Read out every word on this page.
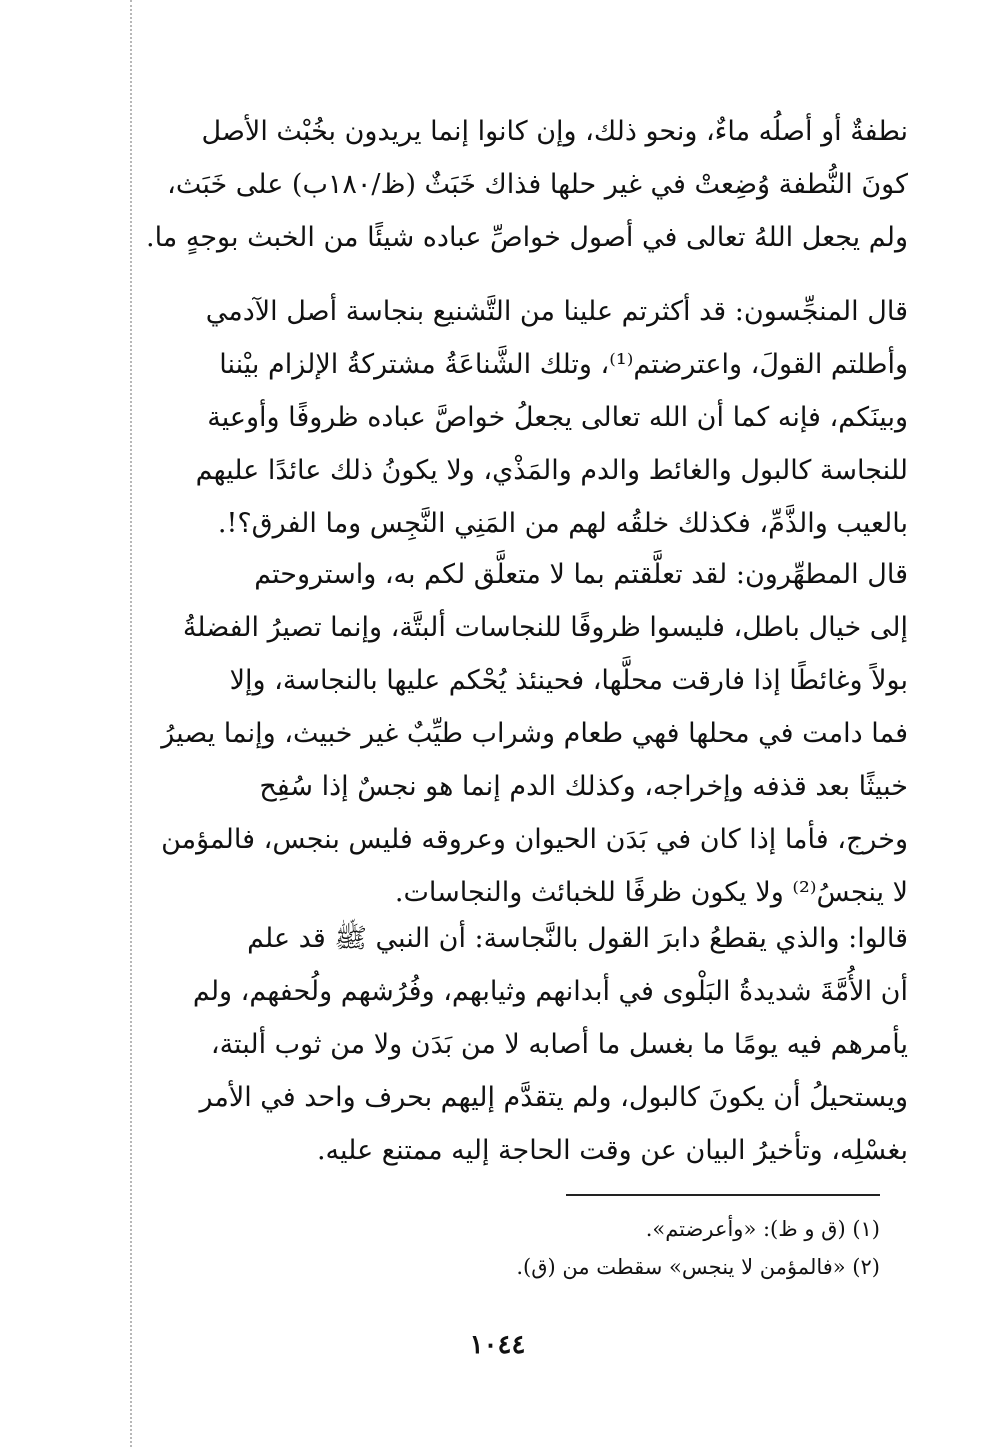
نطفةٌ أو أصلُه ماءٌ، ونحو ذلك، وإن كانوا إنما يريدون بخُبْث الأصل
كونَ النُّطفة وُضِعتْ في غير حلها فذاك خَبَثٌ (ظ/١٨٠ب) على خَبَث،
ولم يجعل اللهُ تعالى في أصول خواصِّ عباده شيئًا من الخبث بوجهٍ ما.

قال المنجِّسون: قد أكثرتم علينا من التَّشنيع بنجاسة أصل الآدمي
وأطلتم القولَ، واعترضتم⁽¹⁾، وتلك الشَّناعَةُ مشتركةُ الإلزام بيْننا
وبينَكم، فإنه كما أن الله تعالى يجعلُ خواصَّ عباده ظروفًا وأوعية
للنجاسة كالبول والغائط والدم والمَذْي، ولا يكونُ ذلك عائدًا عليهم
بالعيب والذَّمِّ، فكذلك خلقُه لهم من المَنِي النَّجِس وما الفرق؟!.

قال المطهِّرون: لقد تعلَّقتم بما لا متعلَّق لكم به، واستروحتم
إلى خيال باطل، فليسوا ظروفًا للنجاسات ألبتَّة، وإنما تصيرُ الفضلةُ
بولاً وغائطًا إذا فارقت محلَّها، فحينئذ يُحْكم عليها بالنجاسة، وإلا
فما دامت في محلها فهي طعام وشراب طيِّبٌ غير خبيث، وإنما يصيرُ
خبيثًا بعد قذفه وإخراجه، وكذلك الدم إنما هو نجسٌ إذا سُفِح
وخرج، فأما إذا كان في بَدَن الحيوان وعروقه فليس بنجس، فالمؤمن
لا ينجسُ⁽²⁾ ولا يكون ظرفًا للخبائث والنجاسات.

قالوا: والذي يقطعُ دابرَ القول بالنَّجاسة: أن النبي ﷺ قد علم
أن الأُمَّةَ شديدةُ البَلْوى في أبدانهم وثيابهم، وفُرُشهم ولُحفهم، ولم
يأمرهم فيه يومًا ما بغسل ما أصابه لا من بَدَن ولا من ثوب ألبتة،
ويستحيلُ أن يكونَ كالبول، ولم يتقدَّم إليهم بحرف واحد في الأمر
بغسْلِه، وتأخيرُ البيان عن وقت الحاجة إليه ممتنع عليه.

(١) (ق و ظ): «وأعرضتم».
(٢) «فالمؤمن لا ينجس» سقطت من (ق).
١٠٤٤
